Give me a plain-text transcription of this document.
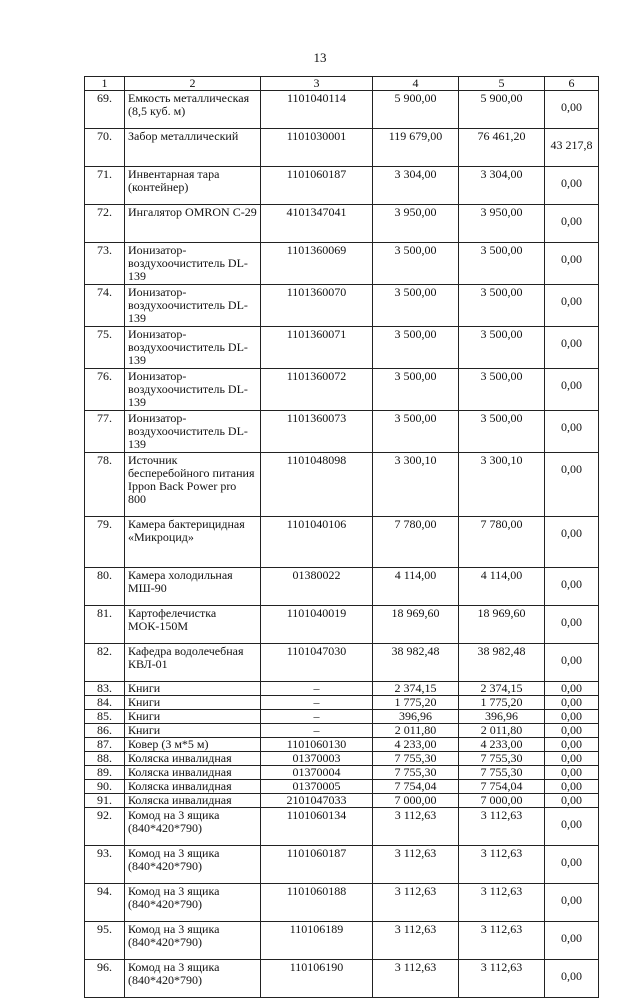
13
1	2	3	4	5	6
69.	Емкость металлическая (8,5 куб. м)	1101040114	5 900,00	5 900,00	0,00
70.	Забор металлический	1101030001	119 679,00	76 461,20	43 217,8
71.	Инвентарная тара (контейнер)	1101060187	3 304,00	3 304,00	0,00
72.	Ингалятор OMRON С-29	4101347041	3 950,00	3 950,00	0,00
73.	Ионизатор-воздухоочиститель DL-139	1101360069	3 500,00	3 500,00	0,00
74.	Ионизатор-воздухоочиститель DL-139	1101360070	3 500,00	3 500,00	0,00
75.	Ионизатор-воздухоочиститель DL-139	1101360071	3 500,00	3 500,00	0,00
76.	Ионизатор-воздухоочиститель DL-139	1101360072	3 500,00	3 500,00	0,00
77.	Ионизатор-воздухоочиститель DL-139	1101360073	3 500,00	3 500,00	0,00
78.	Источник бесперебойного питания Ippon Back Power pro 800	1101048098	3 300,10	3 300,10	0,00
79.	Камера бактерицидная «Микроцид»	1101040106	7 780,00	7 780,00	0,00
80.	Камера холодильная МШ-90	01380022	4 114,00	4 114,00	0,00
81.	Картофелечистка МОК-150М	1101040019	18 969,60	18 969,60	0,00
82.	Кафедра водолечебная КВЛ-01	1101047030	38 982,48	38 982,48	0,00
83.	Книги	–	2 374,15	2 374,15	0,00
84.	Книги	–	1 775,20	1 775,20	0,00
85.	Книги	–	396,96	396,96	0,00
86.	Книги	–	2 011,80	2 011,80	0,00
87.	Ковер (3 м*5 м)	1101060130	4 233,00	4 233,00	0,00
88.	Коляска инвалидная	01370003	7 755,30	7 755,30	0,00
89.	Коляска инвалидная	01370004	7 755,30	7 755,30	0,00
90.	Коляска инвалидная	01370005	7 754,04	7 754,04	0,00
91.	Коляска инвалидная	2101047033	7 000,00	7 000,00	0,00
92.	Комод на 3 ящика (840*420*790)	1101060134	3 112,63	3 112,63	0,00
93.	Комод на 3 ящика (840*420*790)	1101060187	3 112,63	3 112,63	0,00
94.	Комод на 3 ящика (840*420*790)	1101060188	3 112,63	3 112,63	0,00
95.	Комод на 3 ящика (840*420*790)	110106189	3 112,63	3 112,63	0,00
96.	Комод на 3 ящика (840*420*790)	110106190	3 112,63	3 112,63	0,00
